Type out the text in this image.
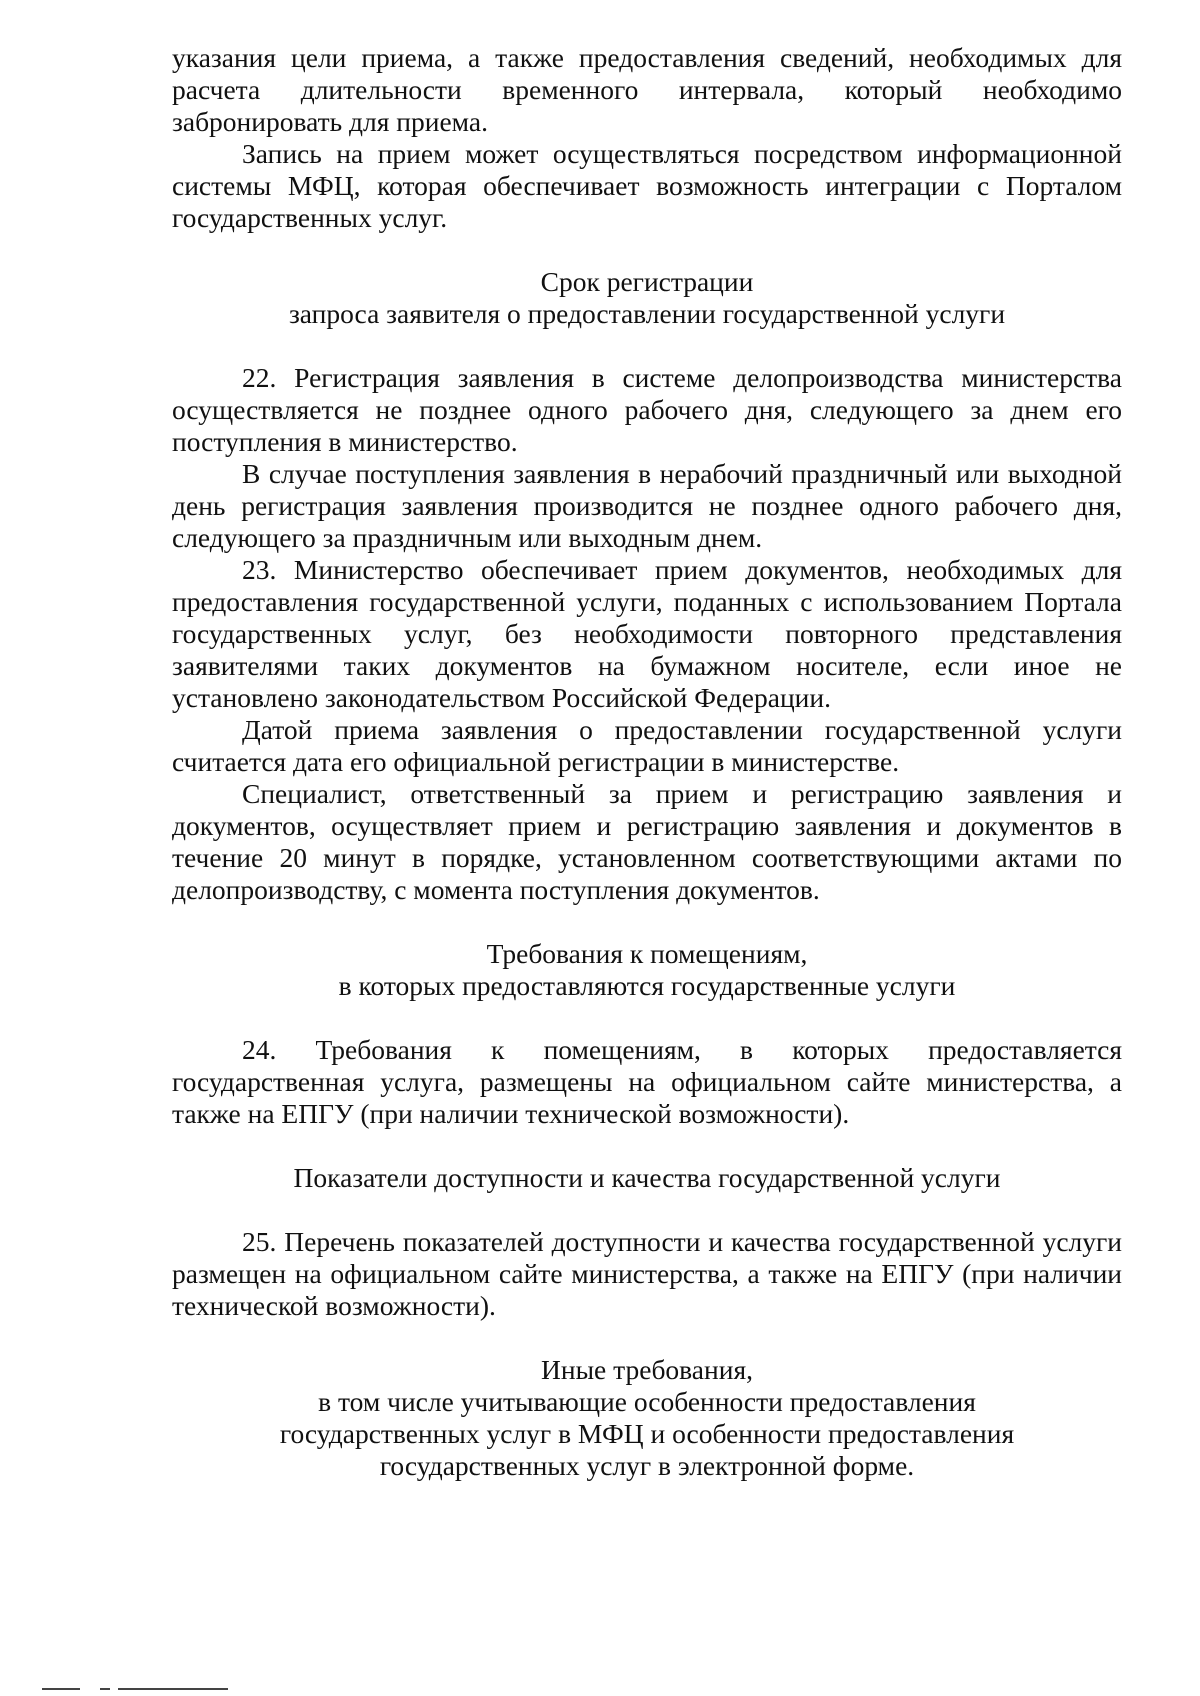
указания цели приема, а также предоставления сведений, необходимых для расчета длительности временного интервала, который необходимо забронировать для приема.

Запись на прием может осуществляться посредством информационной системы МФЦ, которая обеспечивает возможность интеграции с Порталом государственных услуг.

Срок регистрации

запроса заявителя о предоставлении государственной услуги

22. Регистрация заявления в системе делопроизводства министерства осуществляется не позднее одного рабочего дня, следующего за днем его поступления в министерство.

В случае поступления заявления в нерабочий праздничный или выходной день регистрация заявления производится не позднее одного рабочего дня, следующего за праздничным или выходным днем.

23. Министерство обеспечивает прием документов, необходимых для предоставления государственной услуги, поданных с использованием Портала государственных услуг, без необходимости повторного представления заявителями таких документов на бумажном носителе, если иное не установлено законодательством Российской Федерации.

Датой приема заявления о предоставлении государственной услуги считается дата его официальной регистрации в министерстве.

Специалист, ответственный за прием и регистрацию заявления и документов, осуществляет прием и регистрацию заявления и документов в течение 20 минут в порядке, установленном соответствующими актами по делопроизводству, с момента поступления документов.

Требования к помещениям,

в которых предоставляются государственные услуги

24. Требования к помещениям, в которых предоставляется государственная услуга, размещены на официальном сайте министерства, а также на ЕПГУ (при наличии технической возможности).

Показатели доступности и качества государственной услуги

25. Перечень показателей доступности и качества государственной услуги размещен на официальном сайте министерства, а также на ЕПГУ (при наличии технической возможности).

Иные требования,

в том числе учитывающие особенности предоставления

государственных услуг в МФЦ и особенности предоставления

государственных услуг в электронной форме.
